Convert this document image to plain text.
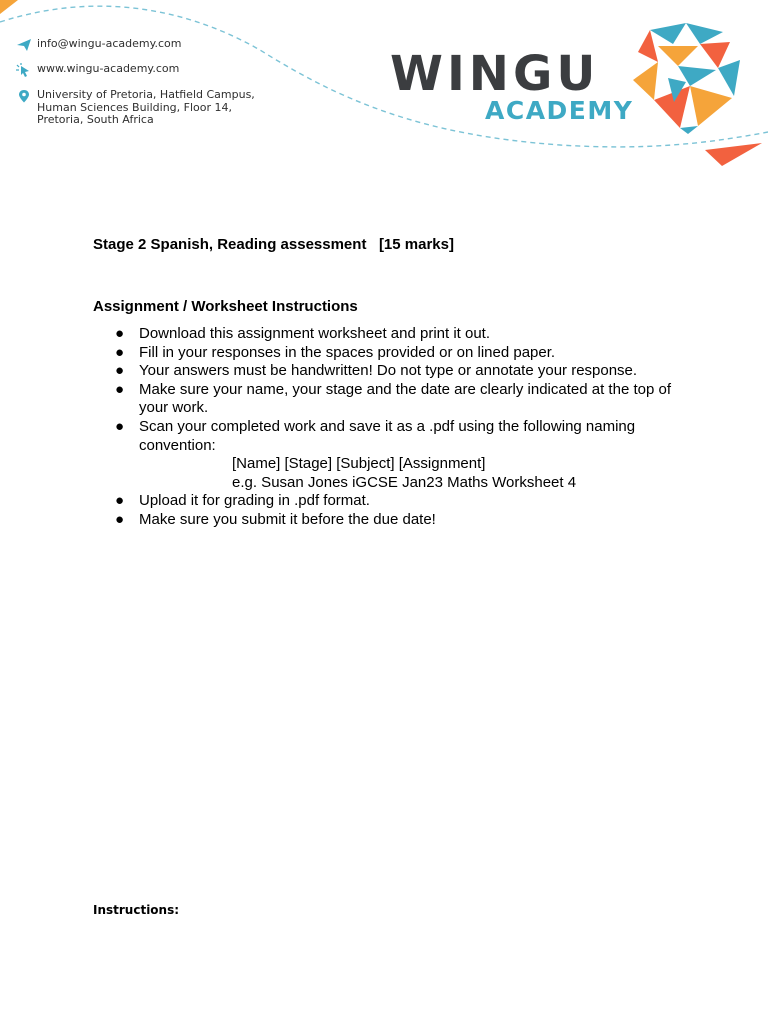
info@wingu-academy.com
www.wingu-academy.com
University of Pretoria, Hatfield Campus,
Human Sciences Building, Floor 14,
Pretoria, South Africa
WINGU
ACADEMY
Stage 2 Spanish, Reading assessment   [15 marks]
Assignment / Worksheet Instructions
● Download this assignment worksheet and print it out.
● Fill in your responses in the spaces provided or on lined paper.
● Your answers must be handwritten! Do not type or annotate your response.
● Make sure your name, your stage and the date are clearly indicated at the top of your work.
● Scan your completed work and save it as a .pdf using the following naming convention:
[Name] [Stage] [Subject] [Assignment]
e.g. Susan Jones iGCSE Jan23 Maths Worksheet 4
● Upload it for grading in .pdf format.
● Make sure you submit it before the due date!
Instructions:
